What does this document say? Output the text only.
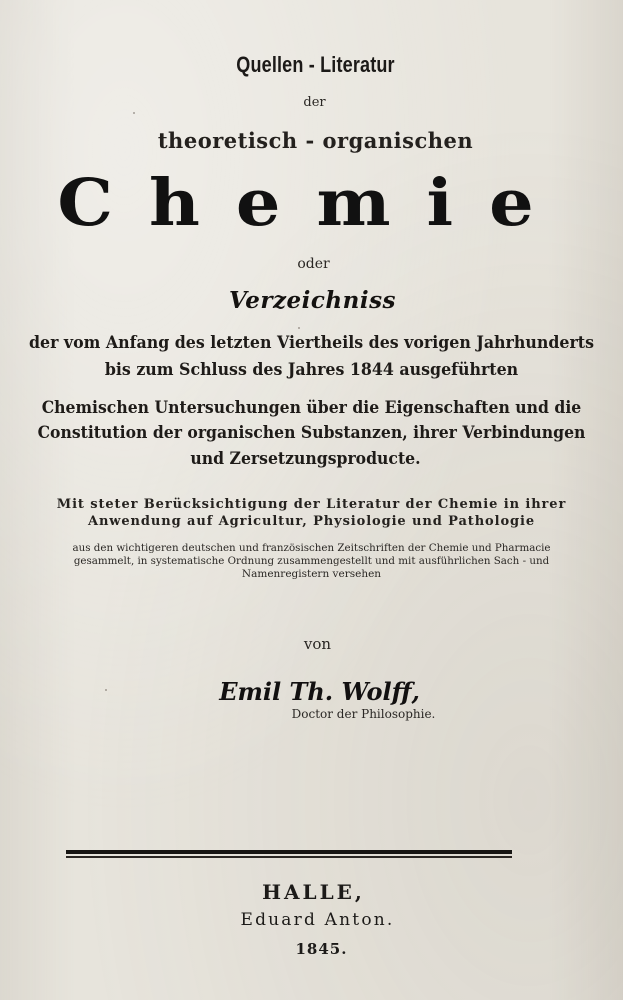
Quellen - Literatur
der
theoretisch - organischen
Chemie
oder
Verzeichniss
der vom Anfang des letzten Viertheils des vorigen Jahrhunderts
bis zum Schluss des Jahres 1844 ausgeführten
Chemischen Untersuchungen über die Eigenschaften und die
Constitution der organischen Substanzen, ihrer Verbindungen
und Zersetzungsproducte.
Mit steter Berücksichtigung der Literatur der Chemie in ihrer
Anwendung auf Agricultur, Physiologie und Pathologie
aus den wichtigeren deutschen und französischen Zeitschriften der Chemie und Pharmacie
gesammelt, in systematische Ordnung zusammengestellt und mit ausführlichen Sach - und
Namenregistern versehen
von
Emil Th. Wolff,
Doctor der Philosophie.
HALLE,
Eduard Anton.
1845.
